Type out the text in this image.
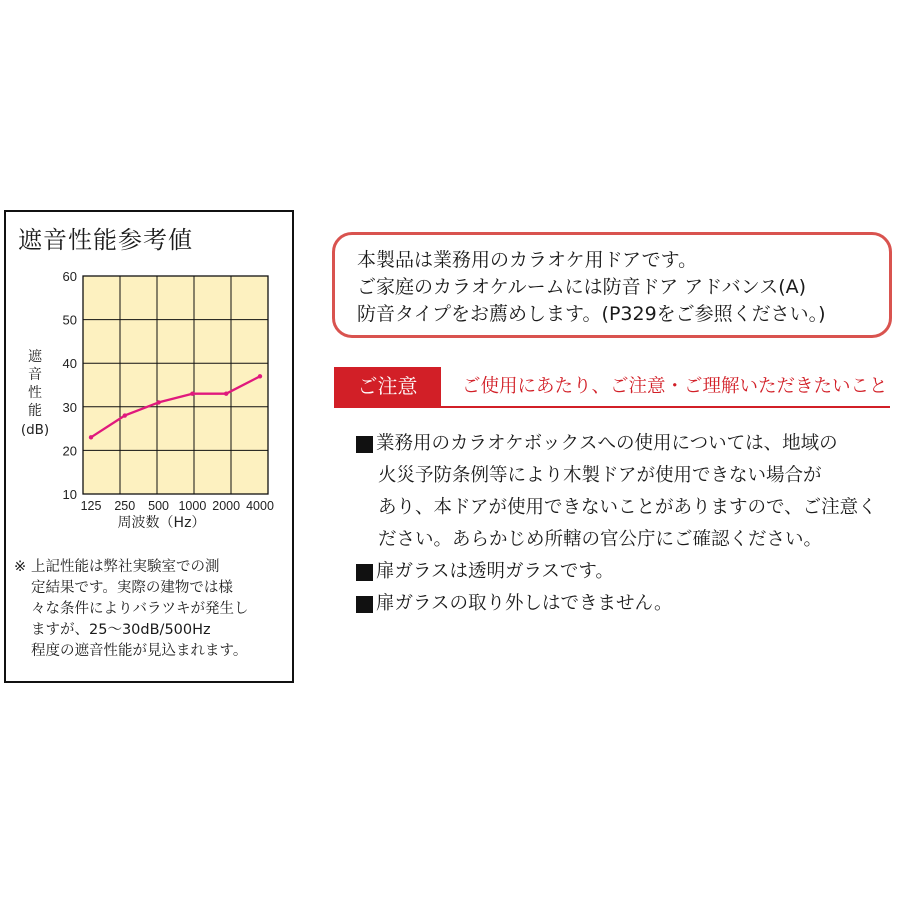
遮音性能参考値
10
20
30
40
50
60
125 250 500 1000 2000 4000
遮
音
性
能
(dB)
周波数（Hz）
※ 上記性能は弊社実験室での測
定結果です。実際の建物では様
々な条件によりバラツキが発生し
ますが、25～30dB/500Hz
程度の遮音性能が見込まれます。
本製品は業務用のカラオケ用ドアです。
ご家庭のカラオケルームには防音ドア アドバンス(A)
防音タイプをお薦めします。(P329をご参照ください。)
ご注意	ご使用にあたり、ご注意・ご理解いただきたいこと
業務用のカラオケボックスへの使用については、地域の
火災予防条例等により木製ドアが使用できない場合が
あり、本ドアが使用できないことがありますので、ご注意く
ださい。あらかじめ所轄の官公庁にご確認ください。
扉ガラスは透明ガラスです。
扉ガラスの取り外しはできません。
